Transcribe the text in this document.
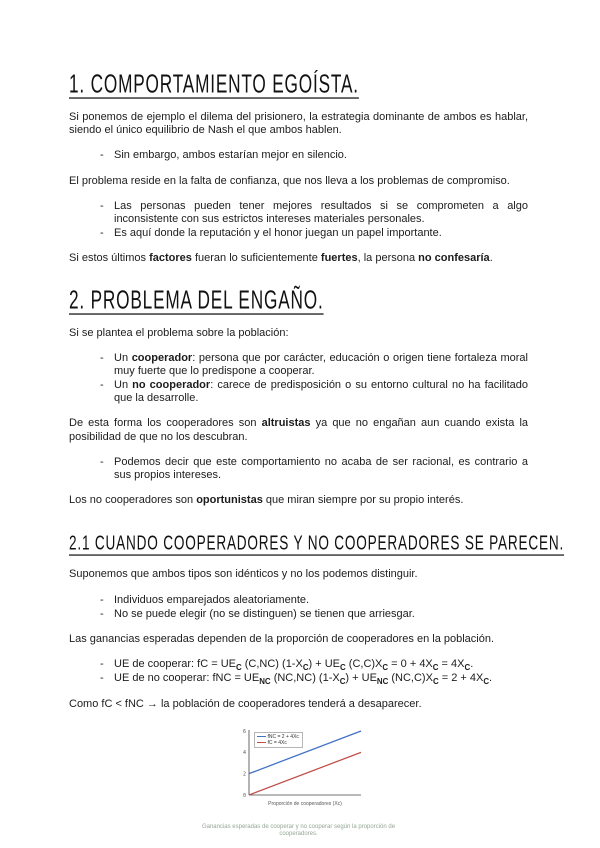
1. COMPORTAMIENTO EGOÍSTA.

Si ponemos de ejemplo el dilema del prisionero, la estrategia dominante de ambos es hablar, siendo el único equilibrio de Nash el que ambos hablen.

- Sin embargo, ambos estarían mejor en silencio.

El problema reside en la falta de confianza, que nos lleva a los problemas de compromiso.

- Las personas pueden tener mejores resultados si se comprometen a algo inconsistente con sus estrictos intereses materiales personales.
- Es aquí donde la reputación y el honor juegan un papel importante.

Si estos últimos factores fueran lo suficientemente fuertes, la persona no confesaría.

2. PROBLEMA DEL ENGAÑO.

Si se plantea el problema sobre la población:

- Un cooperador: persona que por carácter, educación o origen tiene fortaleza moral muy fuerte que lo predispone a cooperar.
- Un no cooperador: carece de predisposición o su entorno cultural no ha facilitado que la desarrolle.

De esta forma los cooperadores son altruistas ya que no engañan aun cuando exista la posibilidad de que no los descubran.

- Podemos decir que este comportamiento no acaba de ser racional, es contrario a sus propios intereses.

Los no cooperadores son oportunistas que miran siempre por su propio interés.

2.1 CUANDO COOPERADORES Y NO COOPERADORES SE PARECEN.

Suponemos que ambos tipos son idénticos y no los podemos distinguir.

- Individuos emparejados aleatoriamente.
- No se puede elegir (no se distinguen) se tienen que arriesgar.

Las ganancias esperadas dependen de la proporción de cooperadores en la población.

- UE de cooperar: fC = $UE_C$ (C,NC) $(1-X_C) + UE_C$ $(C,C)X_C = 0 + 4X_C = 4X_C$.
- UE de no cooperar: fNC = $UE_{NC}$ (NC,NC) $(1-X_C) + UE_{NC}$ $(NC,C)X_C = 2 + 4X_C$.

Como fC < fNC → la población de cooperadores tenderá a desaparecer.

0
2
4
6
Proporción de cooperadores (Xc)
fNC = 2 + 4Xc
fC = 4Xc
Ganancias esperadas de cooperar y no cooperar según la proporción de cooperadores.
